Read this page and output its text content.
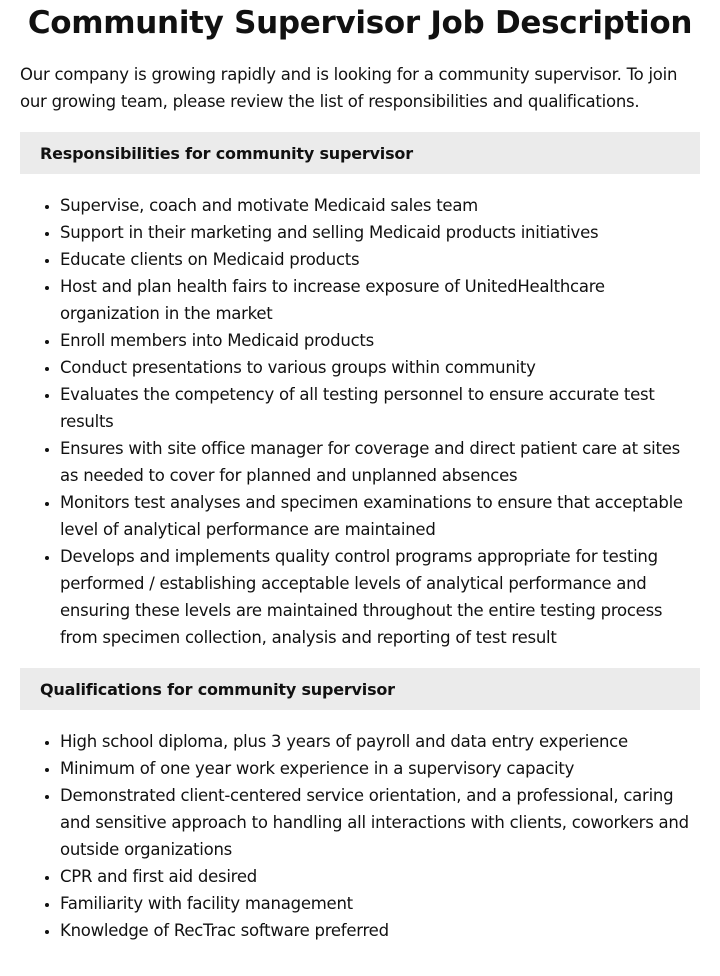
Community Supervisor Job Description

Our company is growing rapidly and is looking for a community supervisor. To join our growing team, please review the list of responsibilities and qualifications.

Responsibilities for community supervisor
• Supervise, coach and motivate Medicaid sales team
• Support in their marketing and selling Medicaid products initiatives
• Educate clients on Medicaid products
• Host and plan health fairs to increase exposure of UnitedHealthcare organization in the market
• Enroll members into Medicaid products
• Conduct presentations to various groups within community
• Evaluates the competency of all testing personnel to ensure accurate test results
• Ensures with site office manager for coverage and direct patient care at sites as needed to cover for planned and unplanned absences
• Monitors test analyses and specimen examinations to ensure that acceptable level of analytical performance are maintained
• Develops and implements quality control programs appropriate for testing performed / establishing acceptable levels of analytical performance and ensuring these levels are maintained throughout the entire testing process from specimen collection, analysis and reporting of test result
Qualifications for community supervisor
• High school diploma, plus 3 years of payroll and data entry experience
• Minimum of one year work experience in a supervisory capacity
• Demonstrated client-centered service orientation, and a professional, caring and sensitive approach to handling all interactions with clients, coworkers and outside organizations
• CPR and first aid desired
• Familiarity with facility management
• Knowledge of RecTrac software preferred
